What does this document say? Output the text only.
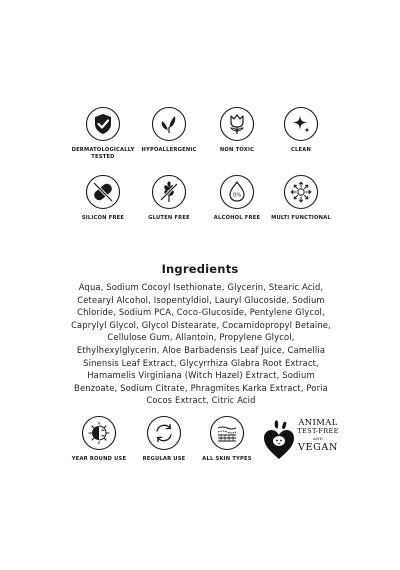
DERMATOLOGICALLY
TESTED
HYPOALLERGENIC	NON TOXIC	CLEAN
SILICON FREE	GLUTEN FREE
0%
ALCOHOL FREE	MULTI FUNCTIONAL
Ingredients
Aqua, Sodium Cocoyl Isethionate, Glycerin, Stearic Acid, Cetearyl Alcohol, Isopentyldiol, Lauryl Glucoside, Sodium Chloride, Sodium PCA, Coco-Glucoside, Pentylene Glycol, Caprylyl Glycol, Glycol Distearate, Cocamidopropyl Betaine, Cellulose Gum, Allantoin, Propylene Glycol, Ethylhexylglycerin, Aloe Barbadensis Leaf Juice, Camellia Sinensis Leaf Extract, Glycyrrhiza Glabra Root Extract, Hamamelis Virginiana (Witch Hazel) Extract, Sodium Benzoate, Sodium Citrate, Phragmites Karka Extract, Poria Cocos Extract, Citric Acid
YEAR ROUND USE	REGULAR USE	ALL SKIN TYPES
ANIMAL
TEST-FREE
AND
VEGAN
